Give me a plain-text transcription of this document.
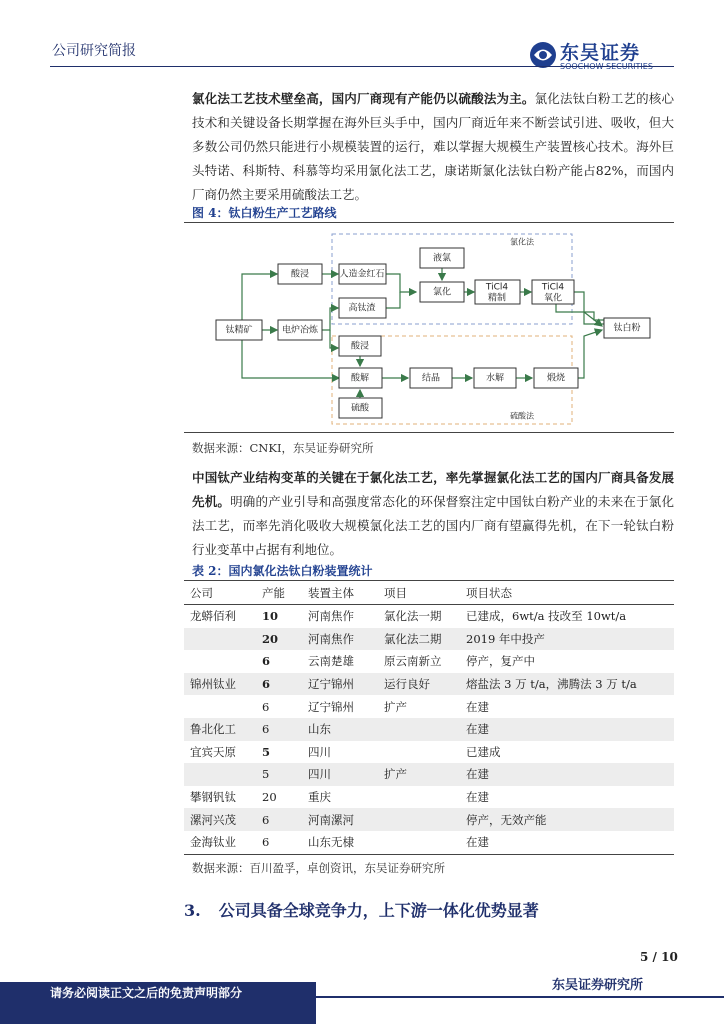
公司研究简报	东吴证券
氯化法工艺技术壁垒高，国内厂商现有产能仍以硫酸法为主。氯化法钛白粉工艺的核心技术和关键设备长期掌握在海外巨头手中，国内厂商近年来不断尝试引进、吸收，但大多数公司仍然只能进行小规模装置的运行，难以掌握大规模生产装置核心技术。海外巨头特诺、科斯特、科慕等均采用氯化法工艺，康诺斯氯化法钛白粉产能占82%，而国内厂商仍然主要采用硫酸法工艺。
图 4：钛白粉生产工艺路线
氯化法
硫酸法
钛精矿
酸浸
电炉冶炼
人造金红石
高钛渣
液氯
氯化	TiCl4
精制
TiCl4
氧化
钛白粉
酸浸
酸解
硫酸
结晶	水解	煅烧
数据来源：CNKI，东吴证券研究所
中国钛产业结构变革的关键在于氯化法工艺，率先掌握氯化法工艺的国内厂商具备发展先机。明确的产业引导和高强度常态化的环保督察注定中国钛白粉产业的未来在于氯化法工艺，而率先消化吸收大规模氯化法工艺的国内厂商有望赢得先机，在下一轮钛白粉行业变革中占据有利地位。
表 2：国内氯化法钛白粉装置统计
公司	产能	装置主体	项目	项目状态
龙蟒佰利	10	河南焦作	氯化法一期	已建成，6wt/a 技改至 10wt/a
	20	河南焦作	氯化法二期	2019 年中投产
	6	云南楚雄	原云南新立	停产，复产中
锦州钛业	6	辽宁锦州	运行良好	熔盐法 3 万 t/a，沸腾法 3 万 t/a
	6	辽宁锦州	扩产	在建
鲁北化工	6	山东		在建
宜宾天原	5	四川		已建成
	5	四川	扩产	在建
攀钢钒钛	20	重庆		在建
漯河兴茂	6	河南漯河		停产，无效产能
金海钛业	6	山东无棣		在建
数据来源：百川盈孚，卓创资讯，东吴证券研究所
3. 公司具备全球竞争力，上下游一体化优势显著
5 / 10
请务必阅读正文之后的免责声明部分	东吴证券研究所
